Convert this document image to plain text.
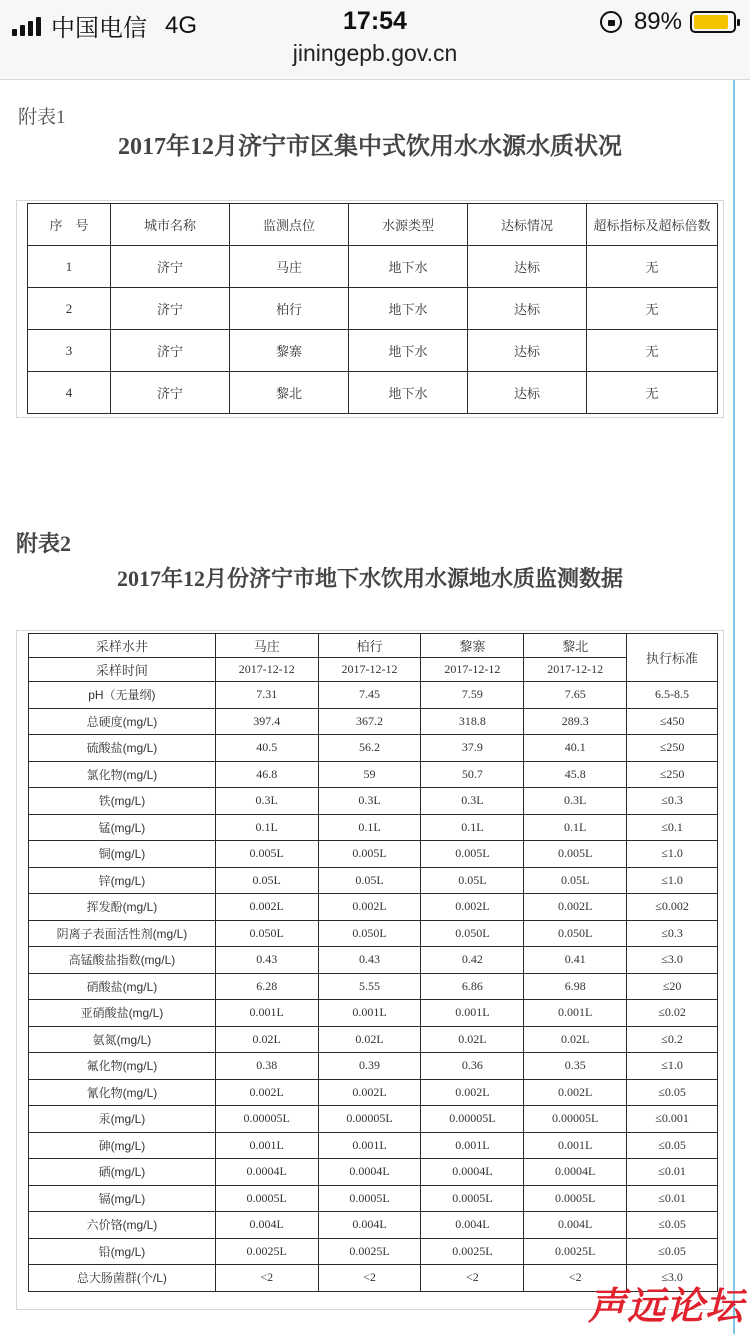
中国电信 4G	17:54	89%
jiningepb.gov.cn
附表1
2017年12月济宁市区集中式饮用水水源水质状况
序　号	城市名称	监测点位	水源类型	达标情况	超标指标及超标倍数
1	济宁	马庄	地下水	达标	无
2	济宁	柏行	地下水	达标	无
3	济宁	黎寨	地下水	达标	无
4	济宁	黎北	地下水	达标	无
附表2
2017年12月份济宁市地下水饮用水源地水质监测数据
采样水井	马庄	柏行	黎寨	黎北	执行标准
采样时间	2017-12-12	2017-12-12	2017-12-12	2017-12-12	
pH（无量纲)	7.31	7.45	7.59	7.65	6.5-8.5
总硬度(mg/L)	397.4	367.2	318.8	289.3	≤450
硫酸盐(mg/L)	40.5	56.2	37.9	40.1	≤250
氯化物(mg/L)	46.8	59	50.7	45.8	≤250
铁(mg/L)	0.3L	0.3L	0.3L	0.3L	≤0.3
锰(mg/L)	0.1L	0.1L	0.1L	0.1L	≤0.1
铜(mg/L)	0.005L	0.005L	0.005L	0.005L	≤1.0
锌(mg/L)	0.05L	0.05L	0.05L	0.05L	≤1.0
挥发酚(mg/L)	0.002L	0.002L	0.002L	0.002L	≤0.002
阴离子表面活性剂(mg/L)	0.050L	0.050L	0.050L	0.050L	≤0.3
高锰酸盐指数(mg/L)	0.43	0.43	0.42	0.41	≤3.0
硝酸盐(mg/L)	6.28	5.55	6.86	6.98	≤20
亚硝酸盐(mg/L)	0.001L	0.001L	0.001L	0.001L	≤0.02
氨氮(mg/L)	0.02L	0.02L	0.02L	0.02L	≤0.2
氟化物(mg/L)	0.38	0.39	0.36	0.35	≤1.0
氰化物(mg/L)	0.002L	0.002L	0.002L	0.002L	≤0.05
汞(mg/L)	0.00005L	0.00005L	0.00005L	0.00005L	≤0.001
砷(mg/L)	0.001L	0.001L	0.001L	0.001L	≤0.05
硒(mg/L)	0.0004L	0.0004L	0.0004L	0.0004L	≤0.01
镉(mg/L)	0.0005L	0.0005L	0.0005L	0.0005L	≤0.01
六价铬(mg/L)	0.004L	0.004L	0.004L	0.004L	≤0.05
铅(mg/L)	0.0025L	0.0025L	0.0025L	0.0025L	≤0.05
总大肠菌群(个/L)	<2	<2	<2	<2	≤3.0
声远论坛
